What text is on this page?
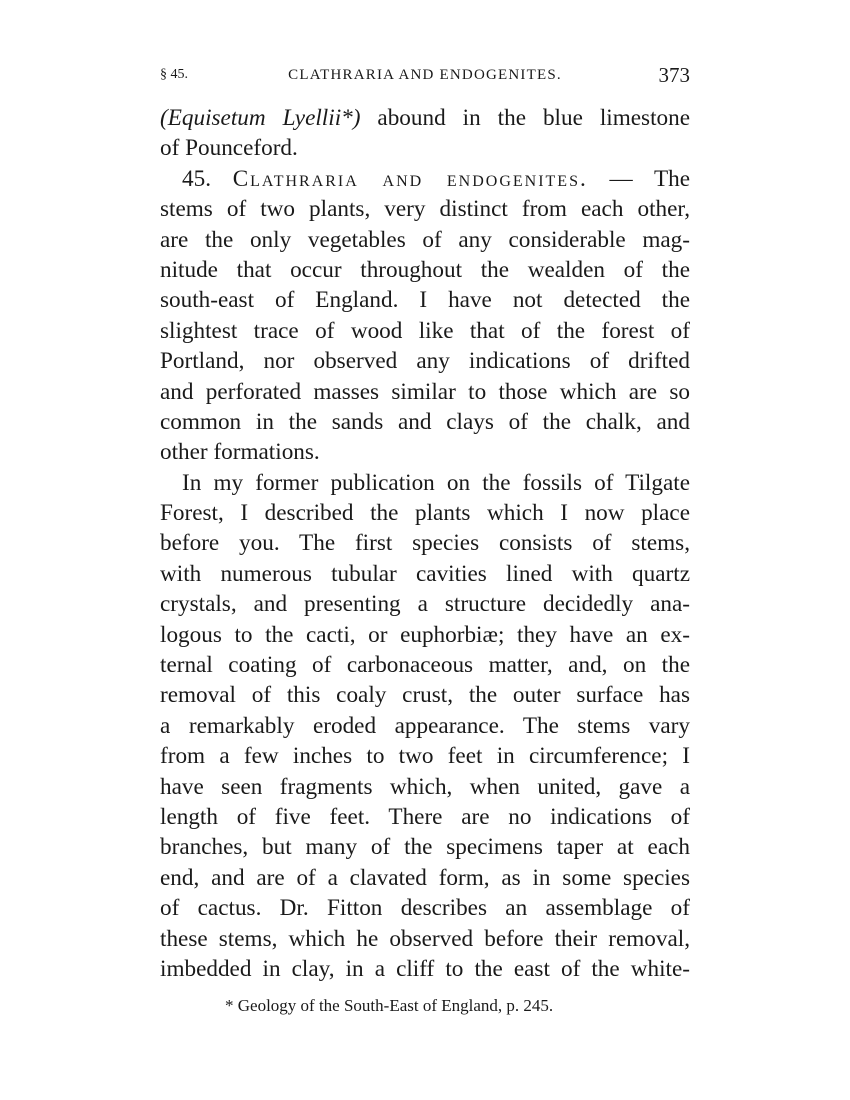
§ 45.	CLATHRARIA AND ENDOGENITES.	373
(Equisetum Lyellii*) abound in the blue limestone
of Pounceford.
45. Clathraria and endogenites. — The
stems of two plants, very distinct from each other,
are the only vegetables of any considerable mag-
nitude that occur throughout the wealden of the
south-east of England. I have not detected the
slightest trace of wood like that of the forest of
Portland, nor observed any indications of drifted
and perforated masses similar to those which are so
common in the sands and clays of the chalk, and
other formations.
In my former publication on the fossils of Tilgate
Forest, I described the plants which I now place
before you. The first species consists of stems,
with numerous tubular cavities lined with quartz
crystals, and presenting a structure decidedly ana-
logous to the cacti, or euphorbiæ; they have an ex-
ternal coating of carbonaceous matter, and, on the
removal of this coaly crust, the outer surface has
a remarkably eroded appearance. The stems vary
from a few inches to two feet in circumference; I
have seen fragments which, when united, gave a
length of five feet. There are no indications of
branches, but many of the specimens taper at each
end, and are of a clavated form, as in some species
of cactus. Dr. Fitton describes an assemblage of
these stems, which he observed before their removal,
imbedded in clay, in a cliff to the east of the white-
* Geology of the South-East of England, p. 245.
